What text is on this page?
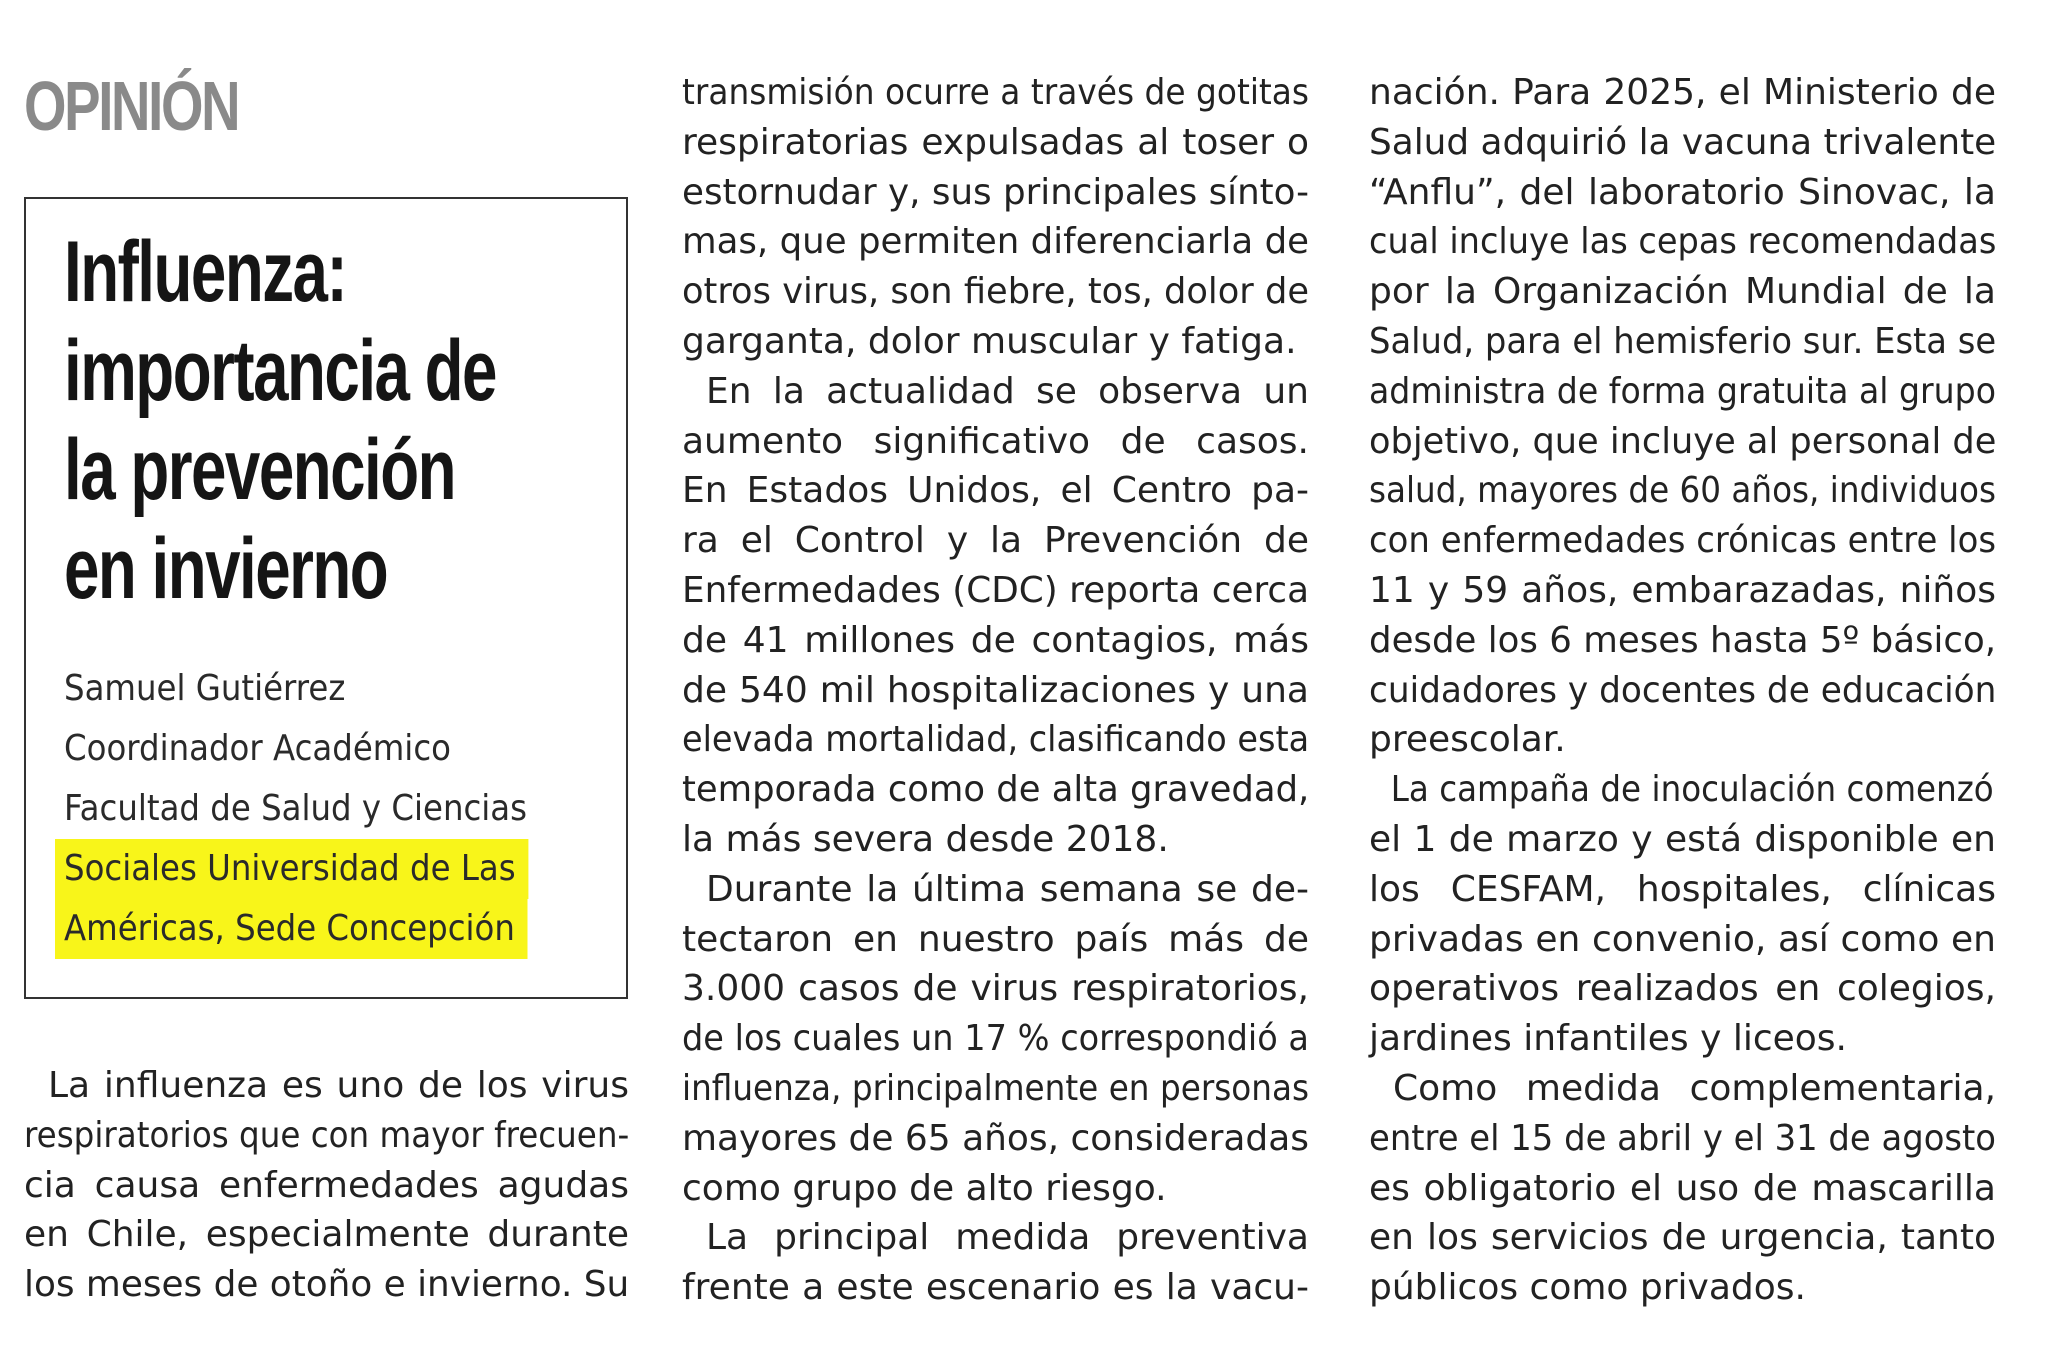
OPINIÓN
Influenza:
importancia de
la prevención
en invierno
Samuel Gutiérrez
Coordinador Académico
Facultad de Salud y Ciencias
Sociales Universidad de Las
Américas, Sede Concepción

La influenza es uno de los virus
respiratorios que con mayor frecuen-
cia causa enfermedades agudas
en Chile, especialmente durante
los meses de otoño e invierno. Su

transmisión ocurre a través de gotitas
respiratorias expulsadas al toser o
estornudar y, sus principales sínto-
mas, que permiten diferenciarla de
otros virus, son fiebre, tos, dolor de
garganta, dolor muscular y fatiga.

En la actualidad se observa un
aumento significativo de casos.
En Estados Unidos, el Centro pa-
ra el Control y la Prevención de
Enfermedades (CDC) reporta cerca
de 41 millones de contagios, más
de 540 mil hospitalizaciones y una
elevada mortalidad, clasificando esta
temporada como de alta gravedad,
la más severa desde 2018.

Durante la última semana se de-
tectaron en nuestro país más de
3.000 casos de virus respiratorios,
de los cuales un 17 % correspondió a
influenza, principalmente en personas
mayores de 65 años, consideradas
como grupo de alto riesgo.

La principal medida preventiva
frente a este escenario es la vacu-

nación. Para 2025, el Ministerio de
Salud adquirió la vacuna trivalente
“Anflu”, del laboratorio Sinovac, la
cual incluye las cepas recomendadas
por la Organización Mundial de la
Salud, para el hemisferio sur. Esta se
administra de forma gratuita al grupo
objetivo, que incluye al personal de
salud, mayores de 60 años, individuos
con enfermedades crónicas entre los
11 y 59 años, embarazadas, niños
desde los 6 meses hasta 5º básico,
cuidadores y docentes de educación
preescolar.

La campaña de inoculación comenzó
el 1 de marzo y está disponible en
los CESFAM, hospitales, clínicas
privadas en convenio, así como en
operativos realizados en colegios,
jardines infantiles y liceos.

Como medida complementaria,
entre el 15 de abril y el 31 de agosto
es obligatorio el uso de mascarilla
en los servicios de urgencia, tanto
públicos como privados.
